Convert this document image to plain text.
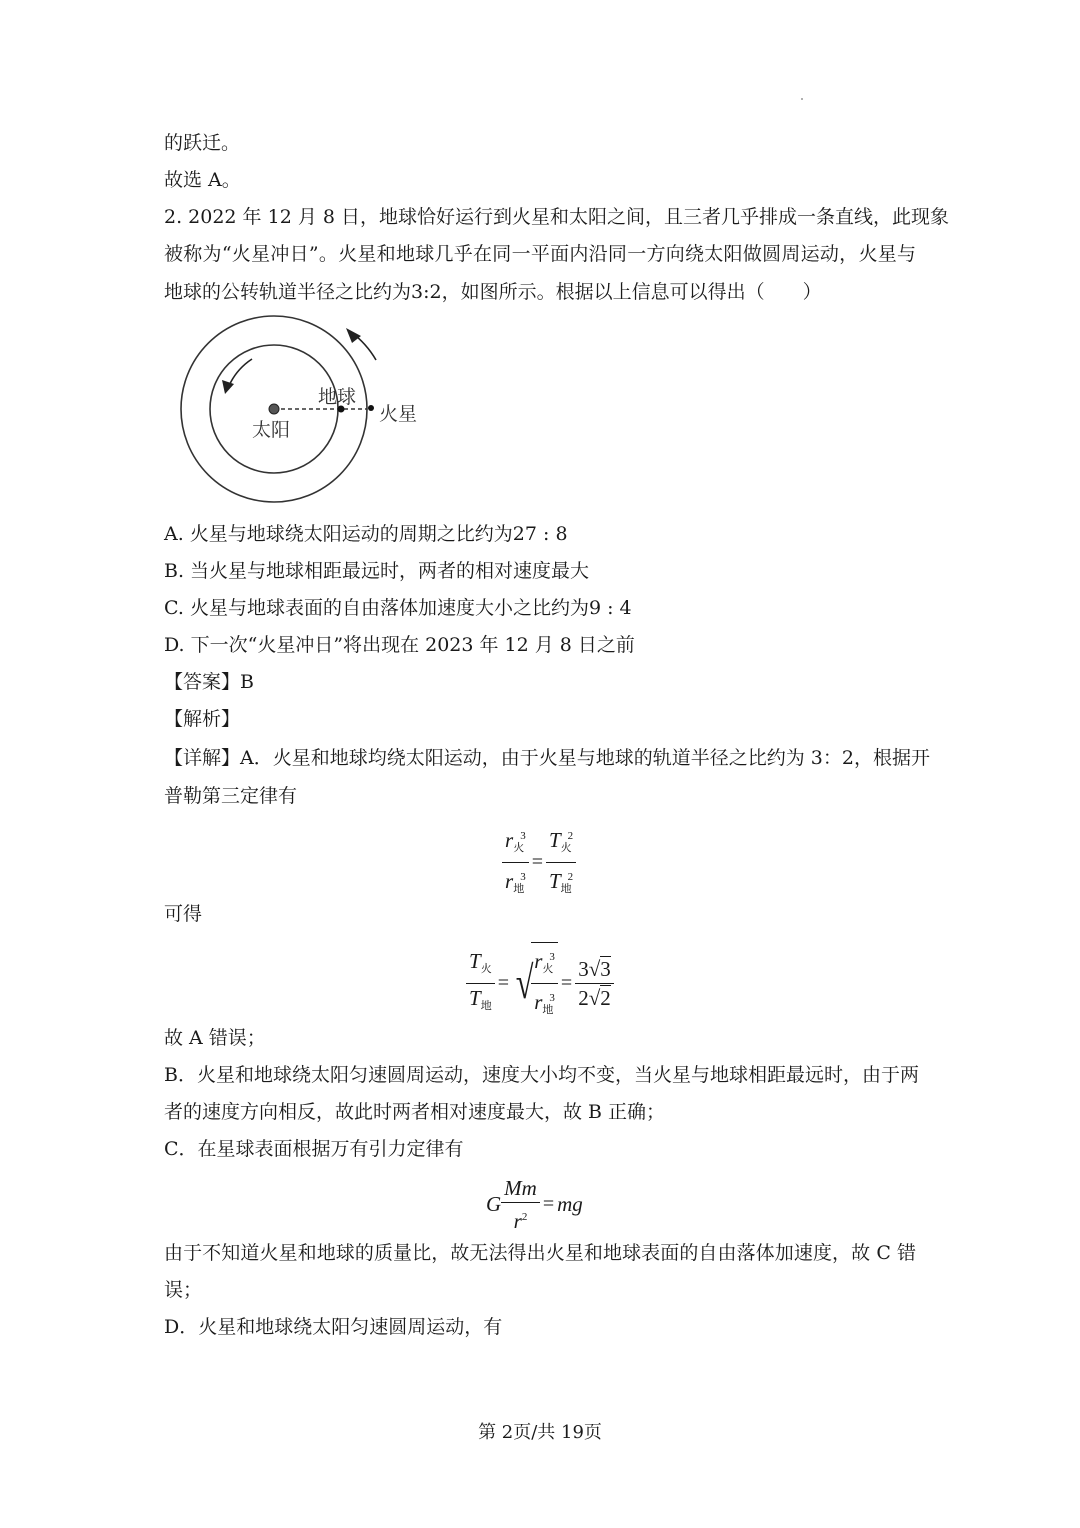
的跃迁。
故选 A。
2. 2022 年 12 月 8 日，地球恰好运行到火星和太阳之间，且三者几乎排成一条直线，此现象
被称为“火星冲日”。火星和地球几乎在同一平面内沿同一方向绕太阳做圆周运动，火星与
地球的公转轨道半径之比约为3:2，如图所示。根据以上信息可以得出（　　）
地球
太阳
火星
A. 火星与地球绕太阳运动的周期之比约为27 : 8
B. 当火星与地球相距最远时，两者的相对速度最大
C. 火星与地球表面的自由落体加速度大小之比约为9 : 4
D. 下一次“火星冲日”将出现在 2023 年 12 月 8 日之前
【答案】B
【解析】
【详解】A．火星和地球均绕太阳运动，由于火星与地球的轨道半径之比约为 3：2，根据开
普勒第三定律有
$\frac{r_火^3}{r_地^3} = \frac{T_火^2}{T_地^2}$
可得
$\frac{T_火}{T_地}$ = √
$\frac{r_火^3}{r_地^3} = \frac{3√3}{2√2}$
故 A 错误；
B．火星和地球绕太阳匀速圆周运动，速度大小均不变，当火星与地球相距最远时，由于两
者的速度方向相反，故此时两者相对速度最大，故 B 正确；
C．在星球表面根据万有引力定律有
G $\frac{Mm}{r^2}$ = mg
由于不知道火星和地球的质量比，故无法得出火星和地球表面的自由落体加速度，故 C 错
误；
D．火星和地球绕太阳匀速圆周运动，有
第 2页/共 19页
